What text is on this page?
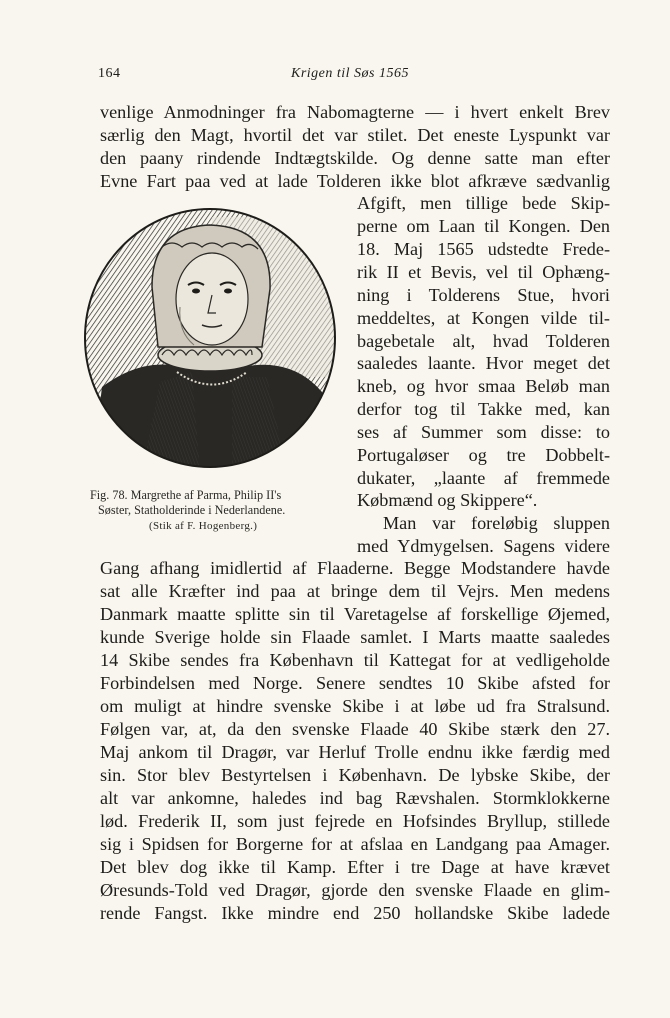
164	Krigen til Søs 1565
venlige Anmodninger fra Nabomagterne — i hvert enkelt Brev
særlig den Magt, hvortil det var stilet. Det eneste Lyspunkt var
den paany rindende Indtægtskilde. Og denne satte man efter
Evne Fart paa ved at lade Tolderen ikke blot afkræve sædvanlig
Afgift, men tillige bede Skip-
perne om Laan til Kongen. Den
18. Maj 1565 udstedte Frede-
rik II et Bevis, vel til Ophæng-
ning i Tolderens Stue, hvori
meddeltes, at Kongen vilde til-
bagebetale alt, hvad Tolderen
saaledes laante. Hvor meget det
kneb, og hvor smaa Beløb man
derfor tog til Takke med, kan
ses af Summer som disse: to
Portugaløser og tre Dobbelt-
dukater, „laante af fremmede
Købmænd og Skippere“.
Man var foreløbig sluppen
med Ydmygelsen. Sagens videre
Fig. 78. Margrethe af Parma, Philip II's
Søster, Statholderinde i Nederlandene.
(Stik af F. Hogenberg.)
Gang afhang imidlertid af Flaaderne. Begge Modstandere havde
sat alle Kræfter ind paa at bringe dem til Vejrs. Men medens
Danmark maatte splitte sin til Varetagelse af forskellige Øjemed,
kunde Sverige holde sin Flaade samlet. I Marts maatte saaledes
14 Skibe sendes fra København til Kattegat for at vedligeholde
Forbindelsen med Norge. Senere sendtes 10 Skibe afsted for
om muligt at hindre svenske Skibe i at løbe ud fra Stralsund.
Følgen var, at, da den svenske Flaade 40 Skibe stærk den 27.
Maj ankom til Dragør, var Herluf Trolle endnu ikke færdig med
sin. Stor blev Bestyrtelsen i København. De lybske Skibe, der
alt var ankomne, haledes ind bag Rævshalen. Stormklokkerne
lød. Frederik II, som just fejrede en Hofsindes Bryllup, stillede
sig i Spidsen for Borgerne for at afslaa en Landgang paa Amager.
Det blev dog ikke til Kamp. Efter i tre Dage at have krævet
Øresunds-Told ved Dragør, gjorde den svenske Flaade en glim-
rende Fangst. Ikke mindre end 250 hollandske Skibe ladede
